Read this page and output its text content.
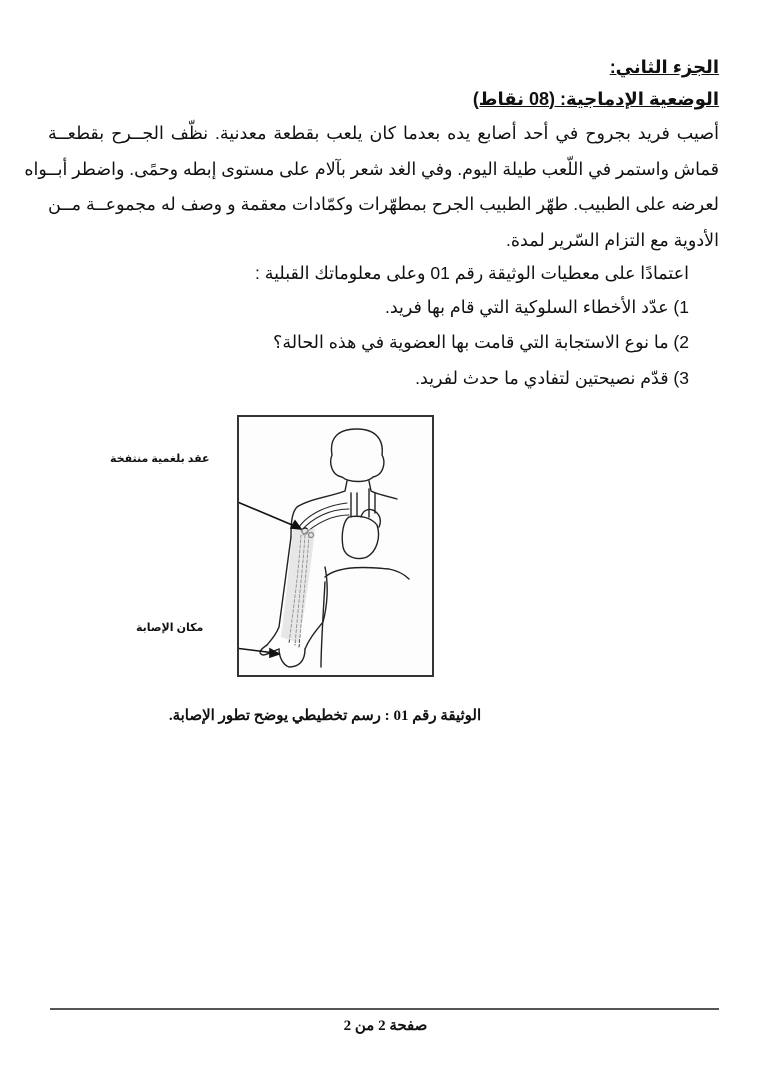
الجزء الثاني:
الوضعية الإدماجية: (08 نقاط)
أصيب فريد بجروح في أحد أصابع يده بعدما كان يلعب بقطعة معدنية. نظّف الجــرح بقطعــة
قماش واستمر في اللّعب طيلة اليوم. وفي الغد شعر بآلام على مستوى إبطه وحمًى. واضطر أبــواه
لعرضه على الطبيب. طهّر الطبيب الجرح بمطهّرات وكمّادات معقمة و وصف له مجموعــة مــن
الأدوية مع التزام السّرير لمدة.
اعتمادًا على معطيات الوثيقة رقم 01 وعلى معلوماتك القبلية :
1) عدّد الأخطاء السلوكية التي قام بها فريد.
2) ما نوع الاستجابة التي قامت بها العضوية في هذه الحالة؟
3) قدّم نصيحتين لتفادي ما حدث لفريد.
عقد بلغمية منتفخة
مكان الإصابة
الوثيقة رقم 01 : رسم تخطيطي يوضح تطور الإصابة.
صفحة 2 من 2
